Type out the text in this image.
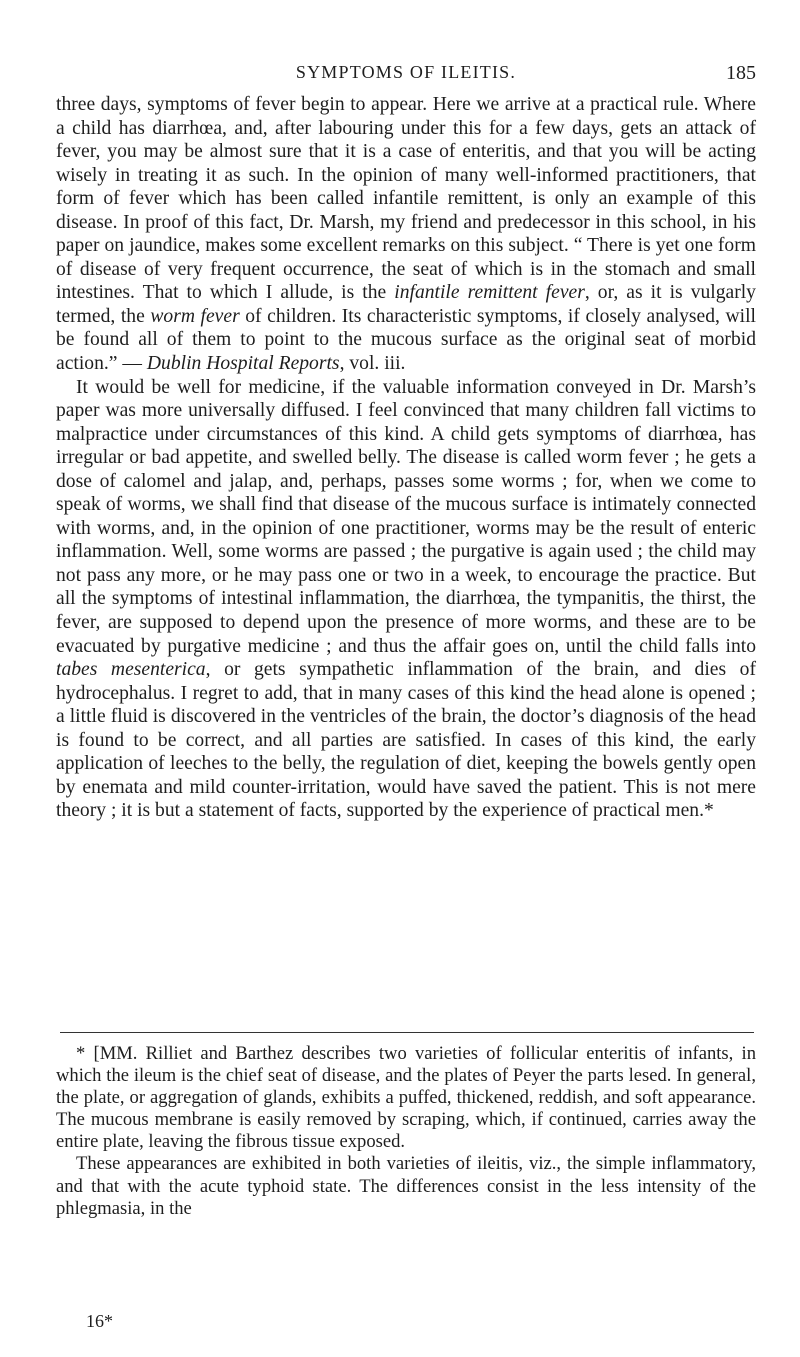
SYMPTOMS OF ILEITIS.	185

three days, symptoms of fever begin to appear. Here we arrive at a practical rule. Where a child has diarrhœa, and, after labouring under this for a few days, gets an attack of fever, you may be almost sure that it is a case of enteritis, and that you will be acting wisely in treating it as such. In the opinion of many well-informed practitioners, that form of fever which has been called infantile remittent, is only an example of this disease. In proof of this fact, Dr. Marsh, my friend and predecessor in this school, in his paper on jaundice, makes some excellent remarks on this subject. “ There is yet one form of disease of very frequent occurrence, the seat of which is in the stomach and small intestines. That to which I allude, is the infantile remittent fever, or, as it is vulgarly termed, the worm fever of children. Its characteristic symptoms, if closely analysed, will be found all of them to point to the mucous surface as the original seat of morbid action.” — Dublin Hospital Reports, vol. iii.

It would be well for medicine, if the valuable information conveyed in Dr. Marsh’s paper was more universally diffused. I feel convinced that many children fall victims to malpractice under circumstances of this kind. A child gets symptoms of diarrhœa, has irregular or bad appetite, and swelled belly. The disease is called worm fever ; he gets a dose of calomel and jalap, and, perhaps, passes some worms ; for, when we come to speak of worms, we shall find that disease of the mucous surface is intimately connected with worms, and, in the opinion of one practitioner, worms may be the result of enteric inflammation. Well, some worms are passed ; the purgative is again used ; the child may not pass any more, or he may pass one or two in a week, to encourage the practice. But all the symptoms of intestinal inflammation, the diarrhœa, the tympanitis, the thirst, the fever, are supposed to depend upon the presence of more worms, and these are to be evacuated by purgative medicine ; and thus the affair goes on, until the child falls into tabes mesenterica, or gets sympathetic inflammation of the brain, and dies of hydrocephalus. I regret to add, that in many cases of this kind the head alone is opened ; a little fluid is discovered in the ventricles of the brain, the doctor’s diagnosis of the head is found to be correct, and all parties are satisfied. In cases of this kind, the early application of leeches to the belly, the regulation of diet, keeping the bowels gently open by enemata and mild counter-irritation, would have saved the patient. This is not mere theory ; it is but a statement of facts, supported by the experience of practical men.*

* [MM. Rilliet and Barthez describes two varieties of follicular enteritis of infants, in which the ileum is the chief seat of disease, and the plates of Peyer the parts lesed. In general, the plate, or aggregation of glands, exhibits a puffed, thickened, reddish, and soft appearance. The mucous membrane is easily removed by scraping, which, if continued, carries away the entire plate, leaving the fibrous tissue exposed.

These appearances are exhibited in both varieties of ileitis, viz., the simple inflammatory, and that with the acute typhoid state. The differences consist in the less intensity of the phlegmasia, in the

16*
